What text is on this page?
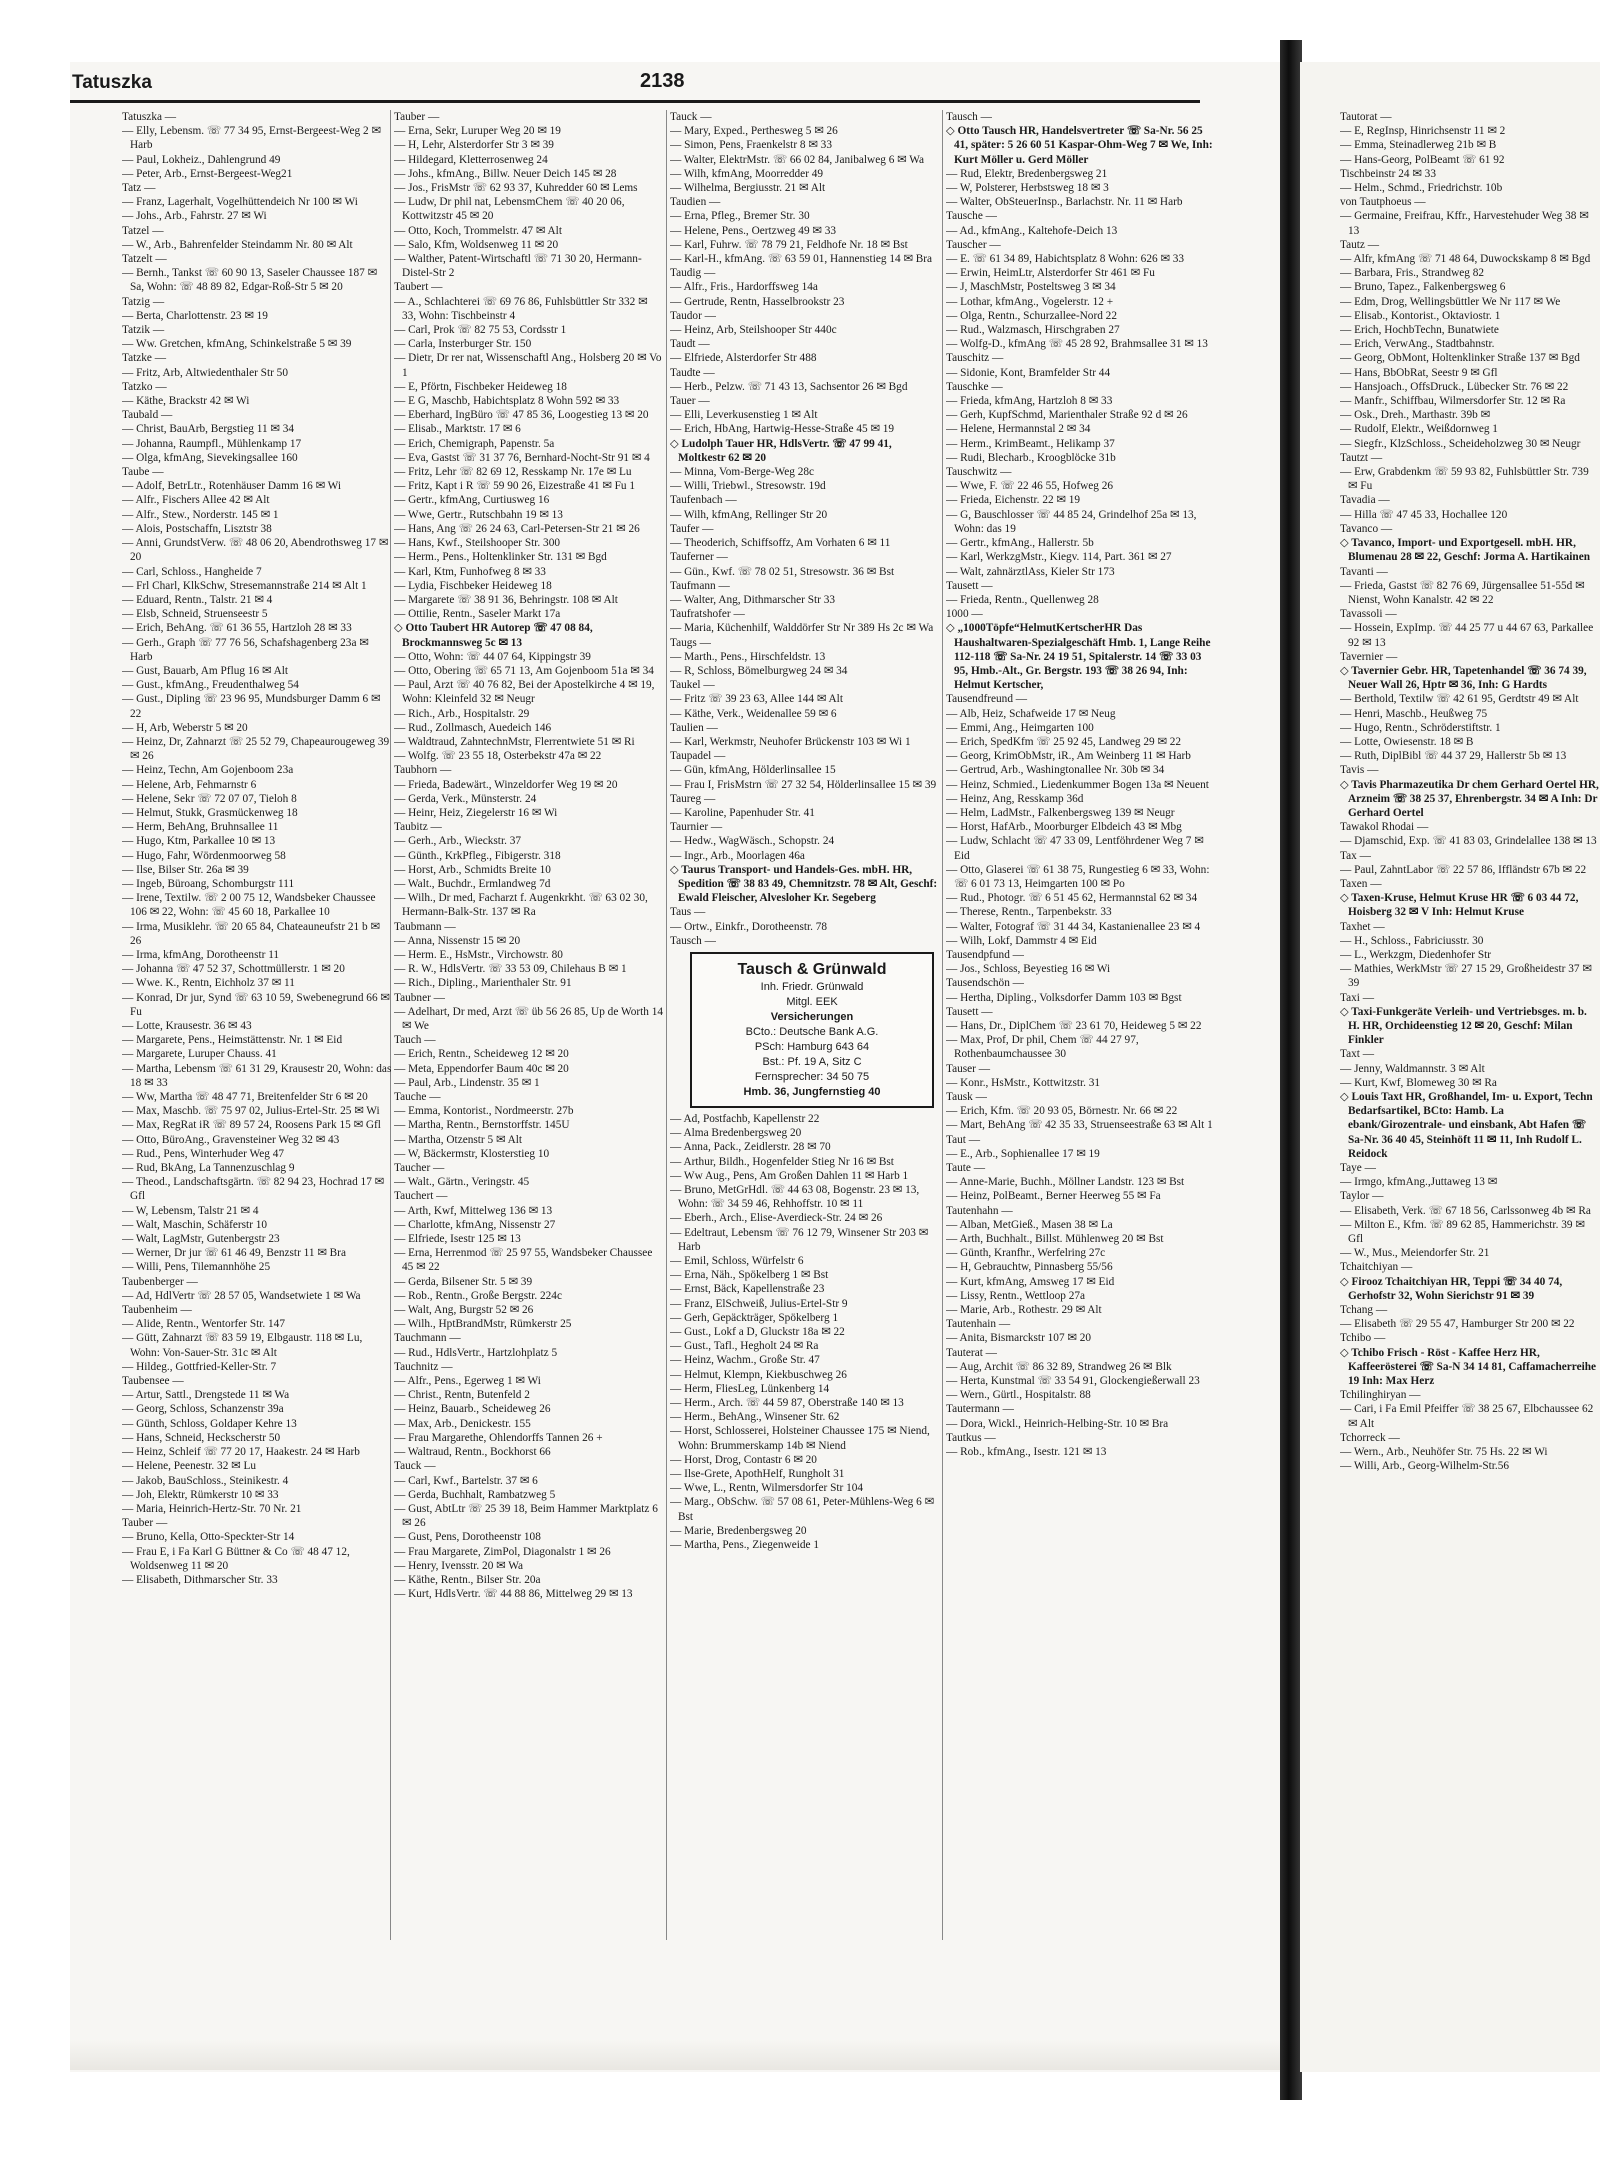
Tatuszka	2138

Tatuszka —

— Elly, Lebensm. ☏ 77 34 95, Ernst-Bergeest-Weg 2 ✉ Harb

— Paul, Lokheiz., Dahlengrund 49

— Peter, Arb., Ernst-Bergeest-Weg21

Tatz —

— Franz, Lagerhalt, Vogelhüttendeich Nr 100 ✉ Wi

— Johs., Arb., Fahrstr. 27 ✉ Wi

Tatzel —

— W., Arb., Bahrenfelder Steindamm Nr. 80 ✉ Alt

Tatzelt —

— Bernh., Tankst ☏ 60 90 13, Saseler Chaussee 187 ✉ Sa, Wohn: ☏ 48 89 82, Edgar-Roß-Str 5 ✉ 20

Tatzig —

— Berta, Charlottenstr. 23 ✉ 19

Tatzik —

— Ww. Gretchen, kfmAng, Schinkelstraße 5 ✉ 39

Tatzke —

— Fritz, Arb, Altwiedenthaler Str 50

Tatzko —

— Käthe, Brackstr 42 ✉ Wi

Taubald —

— Christ, BauArb, Bergstieg 11 ✉ 34

— Johanna, Raumpfl., Mühlenkamp 17

— Olga, kfmAng, Sievekingsallee 160

Taube —

— Adolf, BetrLtr., Rotenhäuser Damm 16 ✉ Wi

— Alfr., Fischers Allee 42 ✉ Alt

— Alfr., Stew., Norderstr. 145 ✉ 1

— Alois, Postschaffn, Lisztstr 38

— Anni, GrundstVerw. ☏ 48 06 20, Abendrothsweg 17 ✉ 20

— Carl, Schloss., Hangheide 7

— Frl Charl, KlkSchw, Stresemannstraße 214 ✉ Alt 1

— Eduard, Rentn., Talstr. 21 ✉ 4

— Elsb, Schneid, Struenseestr 5

— Erich, BehAng. ☏ 61 36 55, Hartzloh 28 ✉ 33

— Gerh., Graph ☏ 77 76 56, Schafshagenberg 23a ✉ Harb

— Gust, Bauarb, Am Pflug 16 ✉ Alt

— Gust., kfmAng., Freudenthalweg 54

— Gust., Dipling ☏ 23 96 95, Mundsburger Damm 6 ✉ 22

— H, Arb, Weberstr 5 ✉ 20

— Heinz, Dr, Zahnarzt ☏ 25 52 79, Chapeaurougeweg 39 ✉ 26

— Heinz, Techn, Am Gojenboom 23a

— Helene, Arb, Fehmarnstr 6

— Helene, Sekr ☏ 72 07 07, Tieloh 8

— Helmut, Stukk, Grasmückenweg 18

— Herm, BehAng, Bruhnsallee 11

— Hugo, Ktm, Parkallee 10 ✉ 13

— Hugo, Fahr, Wördenmoorweg 58

— Ilse, Bilser Str. 26a ✉ 39

— Ingeb, Büroang, Schomburgstr 111

— Irene, Textilw. ☏ 2 00 75 12, Wandsbeker Chaussee 106 ✉ 22, Wohn: ☏ 45 60 18, Parkallee 10

— Irma, Musiklehr. ☏ 20 65 84, Chateauneufstr 21 b ✉ 26

— Irma, kfmAng, Dorotheenstr 11

— Johanna ☏ 47 52 37, Schottmüllerstr. 1 ✉ 20

— Wwe. K., Rentn, Eichholz 37 ✉ 11

— Konrad, Dr jur, Synd ☏ 63 10 59, Swebenegrund 66 ✉ Fu

— Lotte, Krausestr. 36 ✉ 43

— Margarete, Pens., Heimstättenstr. Nr. 1 ✉ Eid

— Margarete, Luruper Chauss. 41

— Martha, Lebensm ☏ 61 31 29, Krausestr 20, Wohn: das 18 ✉ 33

— Ww, Martha ☏ 48 47 71, Breitenfelder Str 6 ✉ 20

— Max, Maschb. ☏ 75 97 02, Julius-Ertel-Str. 25 ✉ Wi

— Max, RegRat iR ☏ 89 57 24, Roosens Park 15 ✉ Gfl

— Otto, BüroAng., Gravensteiner Weg 32 ✉ 43

— Rud., Pens, Winterhuder Weg 47

— Rud, BkAng, La Tannenzuschlag 9

— Theod., Landschaftsgärtn. ☏ 82 94 23, Hochrad 17 ✉ Gfl

— W, Lebensm, Talstr 21 ✉ 4

— Walt, Maschin, Schäferstr 10

— Walt, LagMstr, Gutenbergstr 23

— Werner, Dr jur ☏ 61 46 49, Benzstr 11 ✉ Bra

— Willi, Pens, Tilemannhöhe 25

Taubenberger —

— Ad, HdlVertr ☏ 28 57 05, Wandsetwiete 1 ✉ Wa

Taubenheim —

— Alide, Rentn., Wentorfer Str. 147

— Gütt, Zahnarzt ☏ 83 59 19, Elbgaustr. 118 ✉ Lu, Wohn: Von-Sauer-Str. 31c ✉ Alt

— Hildeg., Gottfried-Keller-Str. 7

Taubensee —

— Artur, Sattl., Drengstede 11 ✉ Wa

— Georg, Schloss, Schanzenstr 39a

— Günth, Schloss, Goldaper Kehre 13

— Hans, Schneid, Heckscherstr 50

— Heinz, Schleif ☏ 77 20 17, Haakestr. 24 ✉ Harb

— Helene, Peenestr. 32 ✉ Lu

— Jakob, BauSchloss., Steinikestr. 4

— Joh, Elektr, Rümkerstr 10 ✉ 33

— Maria, Heinrich-Hertz-Str. 70 Nr. 21

Tauber —

— Bruno, Kella, Otto-Speckter-Str 14

— Frau E, i Fa Karl G Büttner & Co ☏ 48 47 12, Woldsenweg 11 ✉ 20

— Elisabeth, Dithmarscher Str. 33

Tauber —

— Erna, Sekr, Luruper Weg 20 ✉ 19

— H, Lehr, Alsterdorfer Str 3 ✉ 39

— Hildegard, Kletterrosenweg 24

— Johs., kfmAng., Billw. Neuer Deich 145 ✉ 28

— Jos., FrisMstr ☏ 62 93 37, Kuhredder 60 ✉ Lems

— Ludw, Dr phil nat, LebensmChem ☏ 40 20 06, Kottwitzstr 45 ✉ 20

— Otto, Koch, Trommelstr. 47 ✉ Alt

— Salo, Kfm, Woldsenweg 11 ✉ 20

— Walther, Patent-Wirtschaftl ☏ 71 30 20, Hermann-Distel-Str 2

Taubert —

— A., Schlachterei ☏ 69 76 86, Fuhlsbüttler Str 332 ✉ 33, Wohn: Tischbeinstr 4

— Carl, Prok ☏ 82 75 53, Cordsstr 1

— Carla, Insterburger Str. 150

— Dietr, Dr rer nat, Wissenschaftl Ang., Holsberg 20 ✉ Vo 1

— E, Pförtn, Fischbeker Heideweg 18

— E G, Maschb, Habichtsplatz 8 Wohn 592 ✉ 33

— Eberhard, IngBüro ☏ 47 85 36, Loogestieg 13 ✉ 20

— Elisab., Marktstr. 17 ✉ 6

— Erich, Chemigraph, Papenstr. 5a

— Eva, Gastst ☏ 31 37 76, Bernhard-Nocht-Str 91 ✉ 4

— Fritz, Lehr ☏ 82 69 12, Resskamp Nr. 17e ✉ Lu

— Fritz, Kapt i R ☏ 59 90 26, Eizestraße 41 ✉ Fu 1

— Gertr., kfmAng, Curtiusweg 16

— Wwe, Gertr., Rutschbahn 19 ✉ 13

— Hans, Ang ☏ 26 24 63, Carl-Petersen-Str 21 ✉ 26

— Hans, Kwf., Steilshooper Str. 300

— Herm., Pens., Holtenklinker Str. 131 ✉ Bgd

— Karl, Ktm, Funhofweg 8 ✉ 33

— Lydia, Fischbeker Heideweg 18

— Margarete ☏ 38 91 36, Behringstr. 108 ✉ Alt

— Ottilie, Rentn., Saseler Markt 17a

◇ Otto Taubert HR Autorep ☏ 47 08 84, Brockmannsweg 5c ✉ 13

— Otto, Wohn: ☏ 44 07 64, Kippingstr 39

— Otto, Obering ☏ 65 71 13, Am Gojenboom 51a ✉ 34

— Paul, Arzt ☏ 40 76 82, Bei der Apostelkirche 4 ✉ 19, Wohn: Kleinfeld 32 ✉ Neugr

— Rich., Arb., Hospitalstr. 29

— Rud., Zollmasch, Auedeich 146

— Waldtraud, ZahntechnMstr, Flerrentwiete 51 ✉ Ri

— Wolfg. ☏ 23 55 18, Osterbekstr 47a ✉ 22

Taubhorn —

— Frieda, Badewärt., Winzeldorfer Weg 19 ✉ 20

— Gerda, Verk., Münsterstr. 24

— Heinr, Heiz, Ziegelerstr 16 ✉ Wi

Taubitz —

— Gerh., Arb., Wieckstr. 37

— Günth., KrkPfleg., Fibigerstr. 318

— Horst, Arb., Schmidts Breite 10

— Walt., Buchdr., Ermlandweg 7d

— Wilh., Dr med, Facharzt f. Augenkrkht. ☏ 63 02 30, Hermann-Balk-Str. 137 ✉ Ra

Taubmann —

— Anna, Nissenstr 15 ✉ 20

— Herm. E., HsMstr., Virchowstr. 80

— R. W., HdlsVertr. ☏ 33 53 09, Chilehaus B ✉ 1

— Rich., Dipling., Marienthaler Str. 91

Taubner —

— Adelhart, Dr med, Arzt ☏ üb 56 26 85, Up de Worth 14 ✉ We

Tauch —

— Erich, Rentn., Scheideweg 12 ✉ 20

— Meta, Eppendorfer Baum 40c ✉ 20

— Paul, Arb., Lindenstr. 35 ✉ 1

Tauche —

— Emma, Kontorist., Nordmeerstr. 27b

— Martha, Rentn., Bernstorffstr. 145U

— Martha, Otzenstr 5 ✉ Alt

— W, Bäckermstr, Klosterstieg 10

Taucher —

— Walt., Gärtn., Veringstr. 45

Tauchert —

— Arth, Kwf, Mittelweg 136 ✉ 13

— Charlotte, kfmAng, Nissenstr 27

— Elfriede, Isestr 125 ✉ 13

— Erna, Herrenmod ☏ 25 97 55, Wandsbeker Chaussee 45 ✉ 22

— Gerda, Bilsener Str. 5 ✉ 39

— Rob., Rentn., Große Bergstr. 224c

— Walt, Ang, Burgstr 52 ✉ 26

— Wilh., HptBrandMstr, Rümkerstr 25

Tauchmann —

— Rud., HdlsVertr., Hartzlohplatz 5

Tauchnitz —

— Alfr., Pens., Egerweg 1 ✉ Wi

— Christ., Rentn, Butenfeld 2

— Heinz, Bauarb., Scheideweg 26

— Max, Arb., Denickestr. 155

— Frau Margarethe, Ohlendorffs Tannen 26 +

— Waltraud, Rentn., Bockhorst 66

Tauck —

— Carl, Kwf., Bartelstr. 37 ✉ 6

— Gerda, Buchhalt, Rambatzweg 5

— Gust, AbtLtr ☏ 25 39 18, Beim Hammer Marktplatz 6 ✉ 26

— Gust, Pens, Dorotheenstr 108

— Frau Margarete, ZimPol, Diagonalstr 1 ✉ 26

— Henry, Ivensstr. 20 ✉ Wa

— Käthe, Rentn., Bilser Str. 20a

— Kurt, HdlsVertr. ☏ 44 88 86, Mittelweg 29 ✉ 13

Tauck —

— Mary, Exped., Perthesweg 5 ✉ 26

— Simon, Pens, Fraenkelstr 8 ✉ 33

— Walter, ElektrMstr. ☏ 66 02 84, Janibalweg 6 ✉ Wa

— Wilh, kfmAng, Moorredder 49

— Wilhelma, Bergiusstr. 21 ✉ Alt

Taudien —

— Erna, Pfleg., Bremer Str. 30

— Helene, Pens., Oertzweg 49 ✉ 33

— Karl, Fuhrw. ☏ 78 79 21, Feldhofe Nr. 18 ✉ Bst

— Karl-H., kfmAng. ☏ 63 59 01, Hannenstieg 14 ✉ Bra

Taudig —

— Alfr., Fris., Hardorffsweg 14a

— Gertrude, Rentn, Hasselbrookstr 23

Taudor —

— Heinz, Arb, Steilshooper Str 440c

Taudt —

— Elfriede, Alsterdorfer Str 488

Taudte —

— Herb., Pelzw. ☏ 71 43 13, Sachsentor 26 ✉ Bgd

Tauer —

— Elli, Leverkusenstieg 1 ✉ Alt

— Erich, HbAng, Hartwig-Hesse-Straße 45 ✉ 19

◇ Ludolph Tauer HR, HdlsVertr. ☏ 47 99 41, Moltkestr 62 ✉ 20

— Minna, Vom-Berge-Weg 28c

— Willi, Triebwl., Stresowstr. 19d

Taufenbach —

— Wilh, kfmAng, Rellinger Str 20

Taufer —

— Theoderich, Schiffsoffz, Am Vorhaten 6 ✉ 11

Tauferner —

— Gün., Kwf. ☏ 78 02 51, Stresowstr. 36 ✉ Bst

Taufmann —

— Walter, Ang, Dithmarscher Str 33

Taufratshofer —

— Maria, Küchenhilf, Walddörfer Str Nr 389 Hs 2c ✉ Wa

Taugs —

— Marth., Pens., Hirschfeldstr. 13

— R, Schloss, Bömelburgweg 24 ✉ 34

Taukel —

— Fritz ☏ 39 23 63, Allee 144 ✉ Alt

— Käthe, Verk., Weidenallee 59 ✉ 6

Taulien —

— Karl, Werkmstr, Neuhofer Brückenstr 103 ✉ Wi 1

Taupadel —

— Gün, kfmAng, Hölderlinsallee 15

— Frau I, FrisMstrn ☏ 27 32 54, Hölderlinsallee 15 ✉ 39

Taureg —

— Karoline, Papenhuder Str. 41

Taurnier —

— Hedw., WagWäsch., Schopstr. 24

— Ingr., Arb., Moorlagen 46a

◇ Taurus Transport- und Handels-Ges. mbH. HR, Spedition ☏ 38 83 49, Chemnitzstr. 78 ✉ Alt, Geschf: Ewald Fleischer, Alvesloher Kr. Segeberg

Taus —

— Ortw., Einkfr., Dorotheenstr. 78

Tausch —

Tausch & Grünwald
Inh. Friedr. Grünwald
Mitgl. EEK
Versicherungen
BCto.: Deutsche Bank A.G.
PSch: Hamburg 643 64
Bst.: Pf. 19 A, Sitz C
Fernsprecher: 34 50 75
Hmb. 36, Jungfernstieg 40

— Ad, Postfachb, Kapellenstr 22

— Alma Bredenbergsweg 20

— Anna, Pack., Zeidlerstr. 28 ✉ 70

— Arthur, Bildh., Hogenfelder Stieg Nr 16 ✉ Bst

— Ww Aug., Pens, Am Großen Dahlen 11 ✉ Harb 1

— Bruno, MetGrHdl. ☏ 44 63 08, Bogenstr. 23 ✉ 13, Wohn: ☏ 34 59 46, Rehhoffstr. 10 ✉ 11

— Eberh., Arch., Elise-Averdieck-Str. 24 ✉ 26

— Edeltraut, Lebensm ☏ 76 12 79, Winsener Str 203 ✉ Harb

— Emil, Schloss, Würfelstr 6

— Erna, Näh., Spökelberg 1 ✉ Bst

— Ernst, Bäck, Kapellenstraße 23

— Franz, ElSchweiß, Julius-Ertel-Str 9

— Gerh, Gepäckträger, Spökelberg 1

— Gust., Lokf a D, Gluckstr 18a ✉ 22

— Gust., Tafl., Hegholt 24 ✉ Ra

— Heinz, Wachm., Große Str. 47

— Helmut, Klempn, Kiekbuschweg 26

— Herm, FliesLeg, Lünkenberg 14

— Herm., Arch. ☏ 44 59 87, Oberstraße 140 ✉ 13

— Herm., BehAng., Winsener Str. 62

— Horst, Schlosserei, Holsteiner Chaussee 175 ✉ Niend, Wohn: Brummerskamp 14b ✉ Niend

— Horst, Drog, Contastr 6 ✉ 20

— Ilse-Grete, ApothHelf, Rungholt 31

— Wwe, L., Rentn, Wilmersdorfer Str 104

— Marg., ObSchw. ☏ 57 08 61, Peter-Mühlens-Weg 6 ✉ Bst

— Marie, Bredenbergsweg 20

— Martha, Pens., Ziegenweide 1

Tausch —

◇ Otto Tausch HR, Handelsvertreter ☏ Sa-Nr. 56 25 41, später: 5 26 60 51 Kaspar-Ohm-Weg 7 ✉ We, Inh: Kurt Möller u. Gerd Möller

— Rud, Elektr, Bredenbergsweg 21

— W, Polsterer, Herbstsweg 18 ✉ 3

— Walter, ObSteuerInsp., Barlachstr. Nr. 11 ✉ Harb

Tausche —

— Ad., kfmAng., Kaltehofe-Deich 13

Tauscher —

— E. ☏ 61 34 89, Habichtsplatz 8 Wohn: 626 ✉ 33

— Erwin, HeimLtr, Alsterdorfer Str 461 ✉ Fu

— J, MaschMstr, Posteltsweg 3 ✉ 34

— Lothar, kfmAng., Vogelerstr. 12 +

— Olga, Rentn., Schurzallee-Nord 22

— Rud., Walzmasch, Hirschgraben 27

— Wolfg-D., kfmAng ☏ 45 28 92, Brahmsallee 31 ✉ 13

Tauschitz —

— Sidonie, Kont, Bramfelder Str 44

Tauschke —

— Frieda, kfmAng, Hartzloh 8 ✉ 33

— Gerh, KupfSchmd, Marienthaler Straße 92 d ✉ 26

— Helene, Hermannstal 2 ✉ 34

— Herm., KrimBeamt., Helikamp 37

— Rudi, Blecharb., Kroogblöcke 31b

Tauschwitz —

— Wwe, F. ☏ 22 46 55, Hofweg 26

— Frieda, Eichenstr. 22 ✉ 19

— G, Bauschlosser ☏ 44 85 24, Grindelhof 25a ✉ 13, Wohn: das 19

— Gertr., kfmAng., Hallerstr. 5b

— Karl, WerkzgMstr., Kiegv. 114, Part. 361 ✉ 27

— Walt, zahnärztlAss, Kieler Str 173

Tausett —

— Frieda, Rentn., Quellenweg 28

1000 —

◇ „1000Töpfe“HelmutKertscherHR Das Haushaltwaren-Spezialgeschäft Hmb. 1, Lange Reihe 112-118 ☏ Sa-Nr. 24 19 51, Spitalerstr. 14 ☏ 33 03 95, Hmb.-Alt., Gr. Bergstr. 193 ☏ 38 26 94, Inh: Helmut Kertscher,

Tausendfreund —

— Alb, Heiz, Schafweide 17 ✉ Neug

— Emmi, Ang., Heimgarten 100

— Erich, SpedKfm ☏ 25 92 45, Landweg 29 ✉ 22

— Georg, KrimObMstr, iR., Am Weinberg 11 ✉ Harb

— Gertrud, Arb., Washingtonallee Nr. 30b ✉ 34

— Heinz, Schmied., Liedenkummer Bogen 13a ✉ Neuent

— Heinz, Ang, Resskamp 36d

— Helm, LadMstr., Falkenbergsweg 139 ✉ Neugr

— Horst, HafArb., Moorburger Elbdeich 43 ✉ Mbg

— Ludw, Schlacht ☏ 47 33 09, Lentföhrdener Weg 7 ✉ Eid

— Otto, Glaserei ☏ 61 38 75, Rungestieg 6 ✉ 33, Wohn: ☏ 6 01 73 13, Heimgarten 100 ✉ Po

— Rud., Photogr. ☏ 6 51 45 62, Hermannstal 62 ✉ 34

— Therese, Rentn., Tarpenbekstr. 33

— Walter, Fotograf ☏ 31 44 34, Kastanienallee 23 ✉ 4

— Wilh, Lokf, Dammstr 4 ✉ Eid

Tausendpfund —

— Jos., Schloss, Beyestieg 16 ✉ Wi

Tausendschön —

— Hertha, Dipling., Volksdorfer Damm 103 ✉ Bgst

Tausett —

— Hans, Dr., DiplChem ☏ 23 61 70, Heideweg 5 ✉ 22

— Max, Prof, Dr phil, Chem ☏ 44 27 97, Rothenbaumchaussee 30

Tauser —

— Konr., HsMstr., Kottwitzstr. 31

Tausk —

— Erich, Kfm. ☏ 20 93 05, Börnestr. Nr. 66 ✉ 22

— Mart, BehAng ☏ 42 35 33, Struenseestraße 63 ✉ Alt 1

Taut —

— E., Arb., Sophienallee 17 ✉ 19

Taute —

— Anne-Marie, Buchh., Möllner Landstr. 123 ✉ Bst

— Heinz, PolBeamt., Berner Heerweg 55 ✉ Fa

Tautenhahn —

— Alban, MetGieß., Masen 38 ✉ La

— Arth, Buchhalt., Billst. Mühlenweg 20 ✉ Bst

— Günth, Kranfhr., Werfelring 27c

— H, Gebrauchtw, Pinnasberg 55/56

— Kurt, kfmAng, Amsweg 17 ✉ Eid

— Lissy, Rentn., Wettloop 27a

— Marie, Arb., Rothestr. 29 ✉ Alt

Tautenhain —

— Anita, Bismarckstr 107 ✉ 20

Tauterat —

— Aug, Archit ☏ 86 32 89, Strandweg 26 ✉ Blk

— Herta, Kunstmal ☏ 33 54 91, Glockengießerwall 23

— Wern., Gürtl., Hospitalstr. 88

Tautermann —

— Dora, Wickl., Heinrich-Helbing-Str. 10 ✉ Bra

Tautkus —

— Rob., kfmAng., Isestr. 121 ✉ 13

Tautorat —

— E, RegInsp, Hinrichsenstr 11 ✉ 2

— Emma, Steinadlerweg 21b ✉ B

— Hans-Georg, PolBeamt ☏ 61 92

Tischbeinstr 24 ✉ 33

— Helm., Schmd., Friedrichstr. 10b

von Tautphoeus —

— Germaine, Freifrau, Kffr., Harvestehuder Weg 38 ✉ 13

Tautz —

— Alfr, kfmAng ☏ 71 48 64, Duwockskamp 8 ✉ Bgd

— Barbara, Fris., Strandweg 82

— Bruno, Tapez., Falkenbergsweg 6

— Edm, Drog, Wellingsbüttler We Nr 117 ✉ We

— Elisab., Kontorist., Oktaviostr. 1

— Erich, HochbTechn, Bunatwiete

— Erich, VerwAng., Stadtbahnstr.

— Georg, ObMont, Holtenklinker Straße 137 ✉ Bgd

— Hans, BbObRat, Seestr 9 ✉ Gfl

— Hansjoach., OffsDruck., Lübecker Str. 76 ✉ 22

— Manfr., Schiffbau, Wilmersdorfer Str. 12 ✉ Ra

— Osk., Dreh., Marthastr. 39b ✉

— Rudolf, Elektr., Weißdornweg 1

— Siegfr., KlzSchloss., Scheideholzweg 30 ✉ Neugr

Tautzt —

— Erw, Grabdenkm ☏ 59 93 82, Fuhlsbüttler Str. 739 ✉ Fu

Tavadia —

— Hilla ☏ 47 45 33, Hochallee 120

Tavanco —

◇ Tavanco, Import- und Exportgesell. mbH. HR, Blumenau 28 ✉ 22, Geschf: Jorma A. Hartikainen

Tavanti —

— Frieda, Gastst ☏ 82 76 69, Jürgensallee 51-55d ✉ Nienst, Wohn Kanalstr. 42 ✉ 22

Tavassoli —

— Hossein, ExpImp. ☏ 44 25 77 u 44 67 63, Parkallee 92 ✉ 13

Tavernier —

◇ Tavernier Gebr. HR, Tapetenhandel ☏ 36 74 39, Neuer Wall 26, Hptr ✉ 36, Inh: G Hardts

— Berthold, Textilw ☏ 42 61 95, Gerdtstr 49 ✉ Alt

— Henri, Maschb., Heußweg 75

— Hugo, Rentn., Schröderstiftstr. 1

— Lotte, Owiesenstr. 18 ✉ B

— Ruth, DiplBibl ☏ 44 37 29, Hallerstr 5b ✉ 13

Tavis —

◇ Tavis Pharmazeutika Dr chem Gerhard Oertel HR, Arzneim ☏ 38 25 37, Ehrenbergstr. 34 ✉ A Inh: Dr Gerhard Oertel

Tawakol Rhodai —

— Djamschid, Exp. ☏ 41 83 03, Grindelallee 138 ✉ 13

Tax —

— Paul, ZahntLabor ☏ 22 57 86, Iffländstr 67b ✉ 22

Taxen —

◇ Taxen-Kruse, Helmut Kruse HR ☏ 6 03 44 72, Hoisberg 32 ✉ V Inh: Helmut Kruse

Taxhet —

— H., Schloss., Fabriciusstr. 30

— L., Werkzgm, Diedenhofer Str

— Mathies, WerkMstr ☏ 27 15 29, Großheidestr 37 ✉ 39

Taxi —

◇ Taxi-Funkgeräte Verleih- und Vertriebsges. m. b. H. HR, Orchideenstieg 12 ✉ 20, Geschf: Milan Finkler

Taxt —

— Jenny, Waldmannstr. 3 ✉ Alt

— Kurt, Kwf, Blomeweg 30 ✉ Ra

◇ Louis Taxt HR, Großhandel, Im- u. Export, Techn Bedarfsartikel, BCto: Hamb. La ebank/Girozentrale- und einsbank, Abt Hafen ☏ Sa-Nr. 36 40 45, Steinhöft 11 ✉ 11, Inh Rudolf L. Reidock

Taye —

— Irmgo, kfmAng.,Juttaweg 13 ✉

Taylor —

— Elisabeth, Verk. ☏ 67 18 56, Carlssonweg 4b ✉ Ra

— Milton E., Kfm. ☏ 89 62 85, Hammerichstr. 39 ✉ Gfl

— W., Mus., Meiendorfer Str. 21

Tchaitchiyan —

◇ Firooz Tchaitchiyan HR, Teppi ☏ 34 40 74, Gerhofstr 32, Wohn Sierichstr 91 ✉ 39

Tchang —

— Elisabeth ☏ 29 55 47, Hamburger Str 200 ✉ 22

Tchibo —

◇ Tchibo Frisch - Röst - Kaffee Herz HR, Kaffeerösterei ☏ Sa-N 34 14 81, Caffamacherreihe 19 Inh: Max Herz

Tchilinghiryan —

— Cari, i Fa Emil Pfeiffer ☏ 38 25 67, Elbchaussee 62 ✉ Alt

Tchorreck —

— Wern., Arb., Neuhöfer Str. 75 Hs. 22 ✉ Wi

— Willi, Arb., Georg-Wilhelm-Str.56
